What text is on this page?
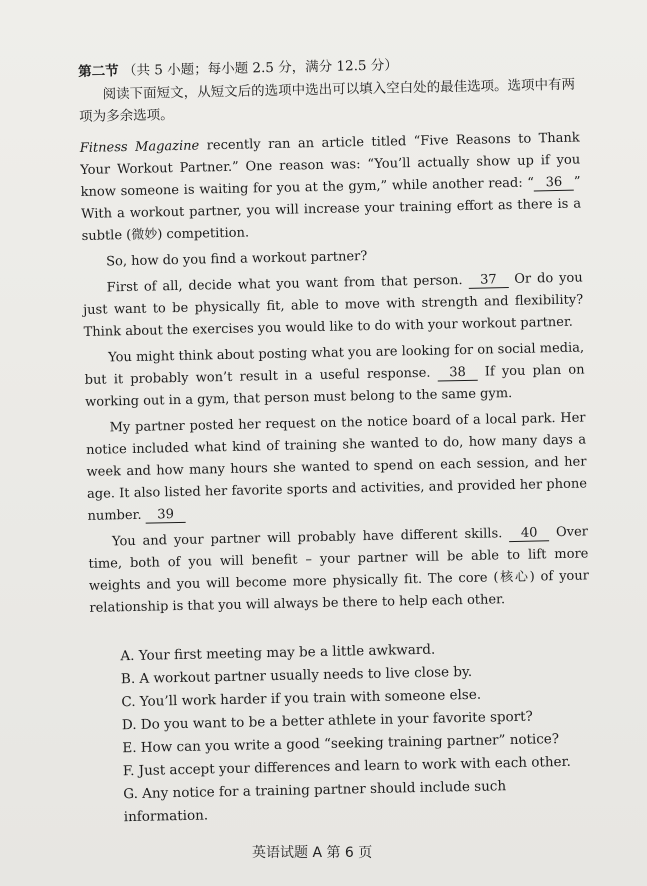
第二节 （共 5 小题；每小题 2.5 分，满分 12.5 分）

阅读下面短文，从短文后的选项中选出可以填入空白处的最佳选项。选项中有两项为多余选项。

Fitness Magazine recently ran an article titled “Five Reasons to Thank Your Workout Partner.” One reason was: “You’ll actually show up if you know someone is waiting for you at the gym,” while another read: “ 36 ” With a workout partner, you will increase your training effort as there is a subtle (微妙) competition.

So, how do you find a workout partner?

First of all, decide what you want from that person. 37 Or do you just want to be physically fit, able to move with strength and flexibility? Think about the exercises you would like to do with your workout partner.

You might think about posting what you are looking for on social media, but it probably won’t result in a useful response. 38 If you plan on working out in a gym, that person must belong to the same gym.

My partner posted her request on the notice board of a local park. Her notice included what kind of training she wanted to do, how many days a week and how many hours she wanted to spend on each session, and her age. It also listed her favorite sports and activities, and provided her phone number. 39

You and your partner will probably have different skills. 40 Over time, both of you will benefit – your partner will be able to lift more weights and you will become more physically fit. The core (核心) of your relationship is that you will always be there to help each other.

A. Your first meeting may be a little awkward.
B. A workout partner usually needs to live close by.
C. You’ll work harder if you train with someone else.
D. Do you want to be a better athlete in your favorite sport?
E. How can you write a good “seeking training partner” notice?
F. Just accept your differences and learn to work with each other.
G. Any notice for a training partner should include such information.
英语试题 A 第 6 页
